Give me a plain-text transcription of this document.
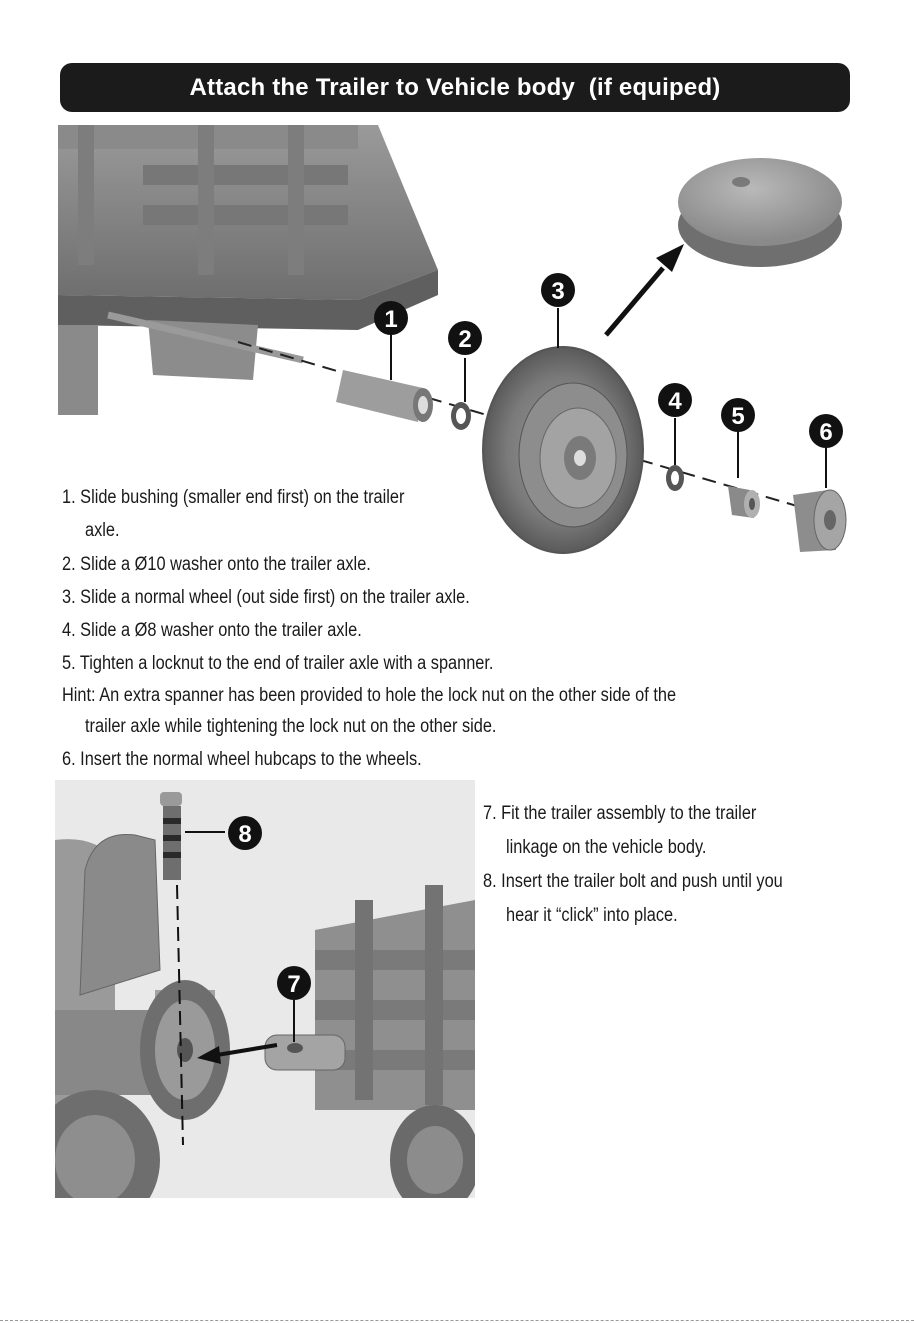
Attach the Trailer to Vehicle body  (if equiped)
1
2
3
4
5
6
1. Slide bushing (smaller end first) on the trailer
axle.
2. Slide a Ø10 washer onto the trailer axle.
3. Slide a normal wheel (out side first) on the trailer axle.
4. Slide a Ø8 washer onto the trailer axle.
5. Tighten a locknut to the end of trailer axle with a spanner.
Hint: An extra spanner has been provided to hole the lock nut on the other side of the
trailer axle while tightening the lock nut on the other side.
6. Insert the normal wheel hubcaps to the wheels.
8
7
7. Fit the trailer assembly to the trailer
linkage on the vehicle body.
8. Insert the trailer bolt and push until you
hear it “click” into place.
